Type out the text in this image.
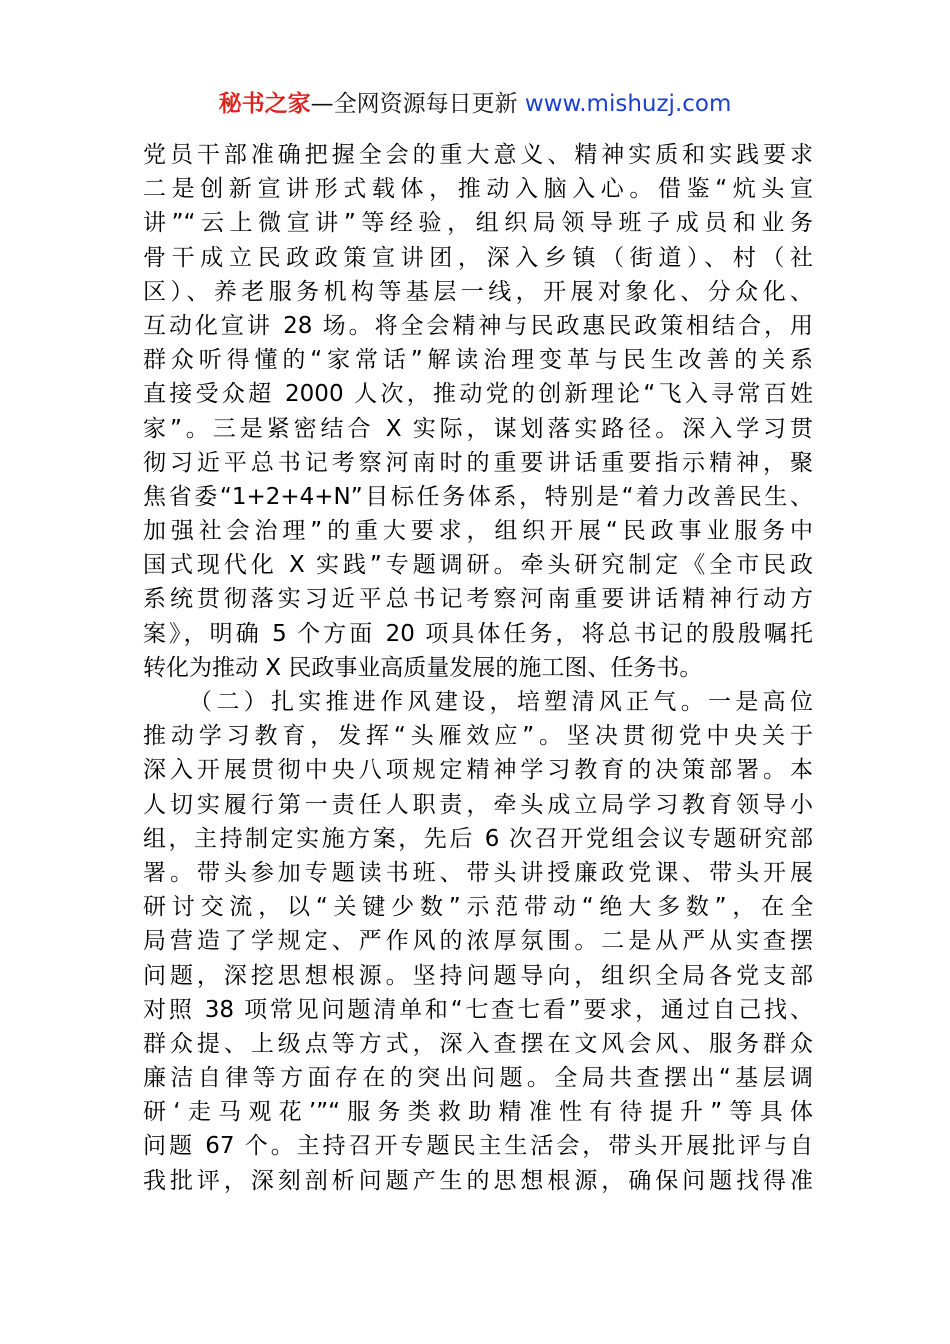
秘书之家—全网资源每日更新 www.mishuzj.com
党员干部准确把握全会的重大意义、精神实质和实践要求
二是创新宣讲形式载体，推动入脑入心。借鉴“炕头宣
讲”“云上微宣讲”等经验，组织局领导班子成员和业务
骨干成立民政政策宣讲团，深入乡镇（街道）、村（社
区）、养老服务机构等基层一线，开展对象化、分众化、
互动化宣讲 28 场。将全会精神与民政惠民政策相结合，用
群众听得懂的“家常话”解读治理变革与民生改善的关系
直接受众超 2000 人次，推动党的创新理论“飞入寻常百姓
家”。三是紧密结合 X 实际，谋划落实路径。深入学习贯
彻习近平总书记考察河南时的重要讲话重要指示精神，聚
焦省委“1+2+4+N”目标任务体系，特别是“着力改善民生、
加强社会治理”的重大要求，组织开展“民政事业服务中
国式现代化 X 实践”专题调研。牵头研究制定《全市民政
系统贯彻落实习近平总书记考察河南重要讲话精神行动方
案》，明确 5 个方面 20 项具体任务，将总书记的殷殷嘱托
转化为推动 X 民政事业高质量发展的施工图、任务书。
（二）扎实推进作风建设，培塑清风正气。一是高位
推动学习教育，发挥“头雁效应”。坚决贯彻党中央关于
深入开展贯彻中央八项规定精神学习教育的决策部署。本
人切实履行第一责任人职责，牵头成立局学习教育领导小
组，主持制定实施方案，先后 6 次召开党组会议专题研究部
署。带头参加专题读书班、带头讲授廉政党课、带头开展
研讨交流，以“关键少数”示范带动“绝大多数”，在全
局营造了学规定、严作风的浓厚氛围。二是从严从实查摆
问题，深挖思想根源。坚持问题导向，组织全局各党支部
对照 38 项常见问题清单和“七查七看”要求，通过自己找、
群众提、上级点等方式，深入查摆在文风会风、服务群众
廉洁自律等方面存在的突出问题。全局共查摆出“基层调
研‘走马观花’”“服务类救助精准性有待提升”等具体
问题 67 个。主持召开专题民主生活会，带头开展批评与自
我批评，深刻剖析问题产生的思想根源，确保问题找得准
